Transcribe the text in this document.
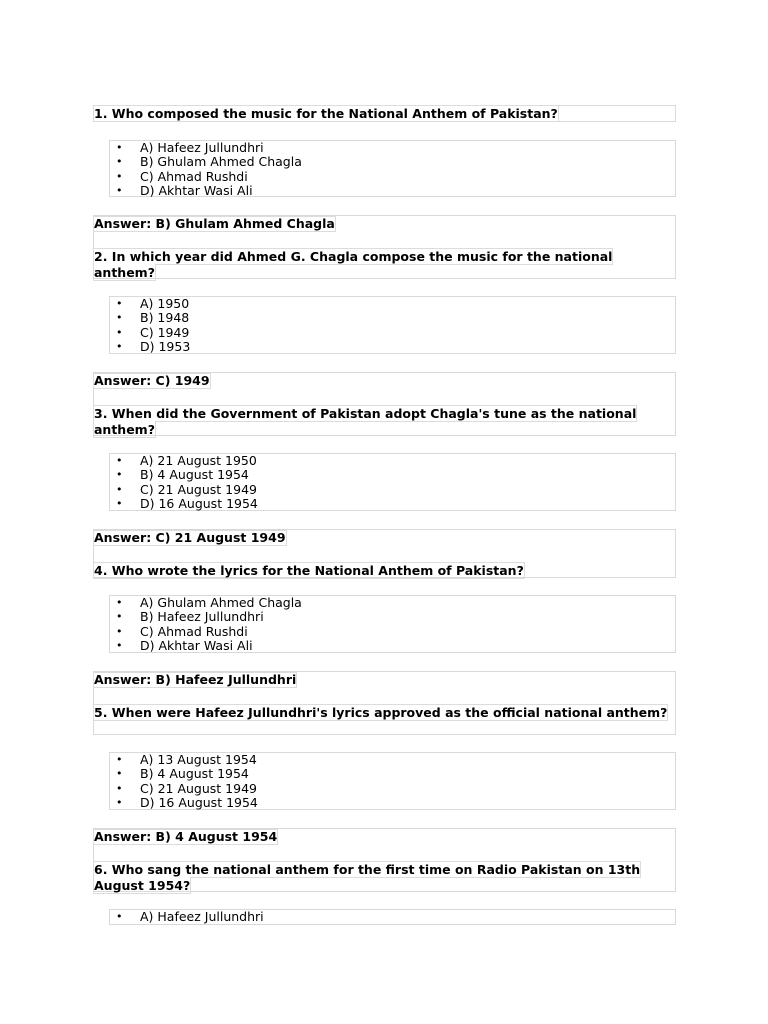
1. Who composed the music for the National Anthem of Pakistan?
• A) Hafeez Jullundhri
• B) Ghulam Ahmed Chagla
• C) Ahmad Rushdi
• D) Akhtar Wasi Ali
Answer: B) Ghulam Ahmed Chagla
2. In which year did Ahmed G. Chagla compose the music for the national anthem?
• A) 1950
• B) 1948
• C) 1949
• D) 1953
Answer: C) 1949
3. When did the Government of Pakistan adopt Chagla's tune as the national anthem?
• A) 21 August 1950
• B) 4 August 1954
• C) 21 August 1949
• D) 16 August 1954
Answer: C) 21 August 1949
4. Who wrote the lyrics for the National Anthem of Pakistan?
• A) Ghulam Ahmed Chagla
• B) Hafeez Jullundhri
• C) Ahmad Rushdi
• D) Akhtar Wasi Ali
Answer: B) Hafeez Jullundhri
5. When were Hafeez Jullundhri's lyrics approved as the official national anthem?
• A) 13 August 1954
• B) 4 August 1954
• C) 21 August 1949
• D) 16 August 1954
Answer: B) 4 August 1954
6. Who sang the national anthem for the first time on Radio Pakistan on 13th August 1954?
• A) Hafeez Jullundhri
